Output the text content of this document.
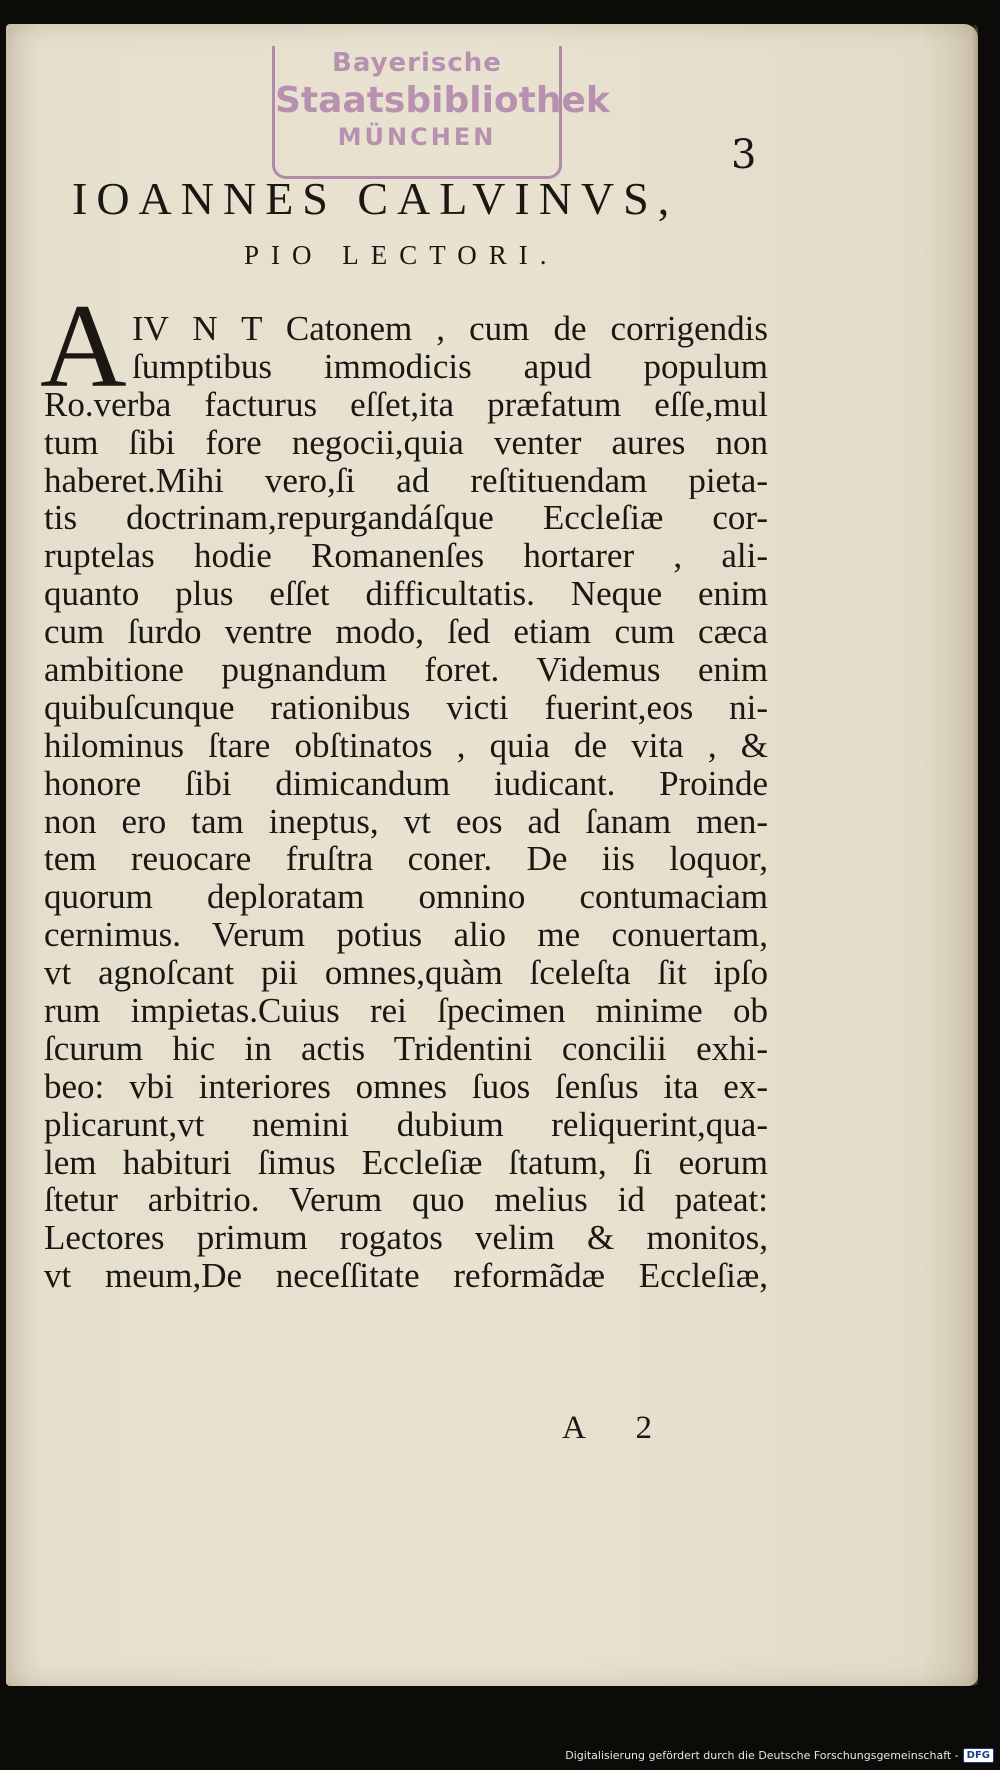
Bayerische
Staatsbibliothek
MÜNCHEN	3
IOANNES CALVINVS,
PIO LECTORI.
A IV N T Catonem , cum de corrigendis
ſumptibus immodicis apud populum
Ro.verba facturus eſſet,ita præfatum eſſe,mul
tum ſibi fore negocii,quia venter aures non
haberet.Mihi vero,ſi ad reſtituendam pieta-
tis doctrinam,repurgandáſque Eccleſiæ cor-
ruptelas hodie Romanenſes hortarer , ali-
quanto plus eſſet difficultatis. Neque enim
cum ſurdo ventre modo, ſed etiam cum cæca
ambitione pugnandum foret. Videmus enim
quibuſcunque rationibus victi fuerint,eos ni-
hilominus ſtare obſtinatos , quia de vita , &
honore ſibi dimicandum iudicant. Proinde
non ero tam ineptus, vt eos ad ſanam men-
tem reuocare fruſtra coner. De iis loquor,
quorum deploratam omnino contumaciam
cernimus. Verum potius alio me conuertam,
vt agnoſcant pii omnes,quàm ſceleſta ſit ipſo
rum impietas.Cuius rei ſpecimen minime ob
ſcurum hic in actis Tridentini concilii exhi-
beo: vbi interiores omnes ſuos ſenſus ita ex-
plicarunt,vt nemini dubium reliquerint,qua-
lem habituri ſimus Eccleſiæ ſtatum, ſi eorum
ſtetur arbitrio. Verum quo melius id pateat:
Lectores primum rogatos velim & monitos,
vt meum,De neceſſitate reformãdæ Eccleſiæ,
A 2
Digitalisierung gefördert durch die Deutsche Forschungsgemeinschaft - DFG
